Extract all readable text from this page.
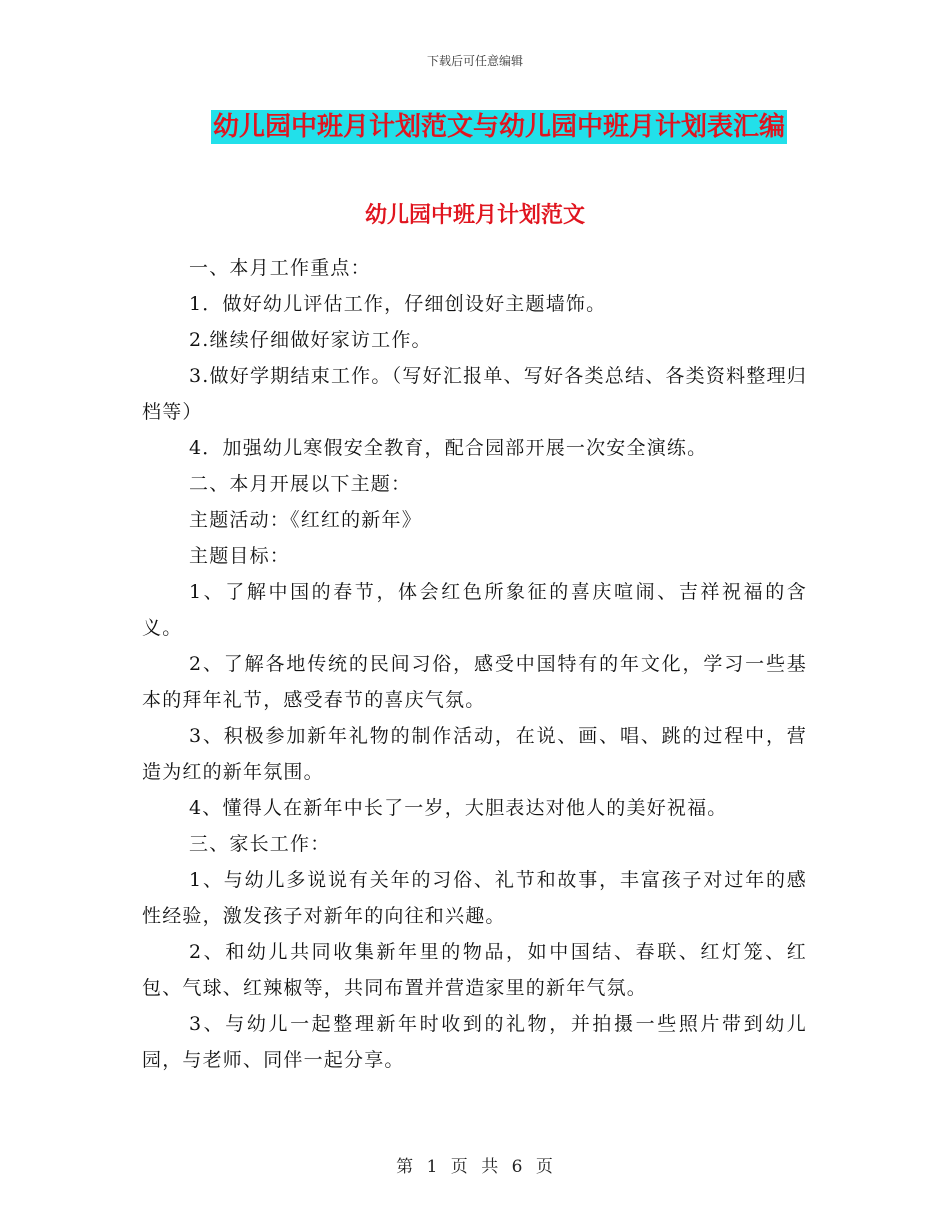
下载后可任意编辑
幼儿园中班月计划范文与幼儿园中班月计划表汇编
幼儿园中班月计划范文

一、本月工作重点：

1．做好幼儿评估工作，仔细创设好主题墙饰。

2.继续仔细做好家访工作。

3.做好学期结束工作。（写好汇报单、写好各类总结、各类资料整理归档等）

4．加强幼儿寒假安全教育，配合园部开展一次安全演练。

二、本月开展以下主题：

主题活动：《红红的新年》

主题目标：

1、了解中国的春节，体会红色所象征的喜庆喧闹、吉祥祝福的含义。

2、了解各地传统的民间习俗，感受中国特有的年文化，学习一些基本的拜年礼节，感受春节的喜庆气氛。

3、积极参加新年礼物的制作活动，在说、画、唱、跳的过程中，营造为红的新年氛围。

4、懂得人在新年中长了一岁，大胆表达对他人的美好祝福。

三、家长工作：

1、与幼儿多说说有关年的习俗、礼节和故事，丰富孩子对过年的感性经验，激发孩子对新年的向往和兴趣。

2、和幼儿共同收集新年里的物品，如中国结、春联、红灯笼、红包、气球、红辣椒等，共同布置并营造家里的新年气氛。

3、与幼儿一起整理新年时收到的礼物，并拍摄一些照片带到幼儿园，与老师、同伴一起分享。

第 1 页 共 6 页
